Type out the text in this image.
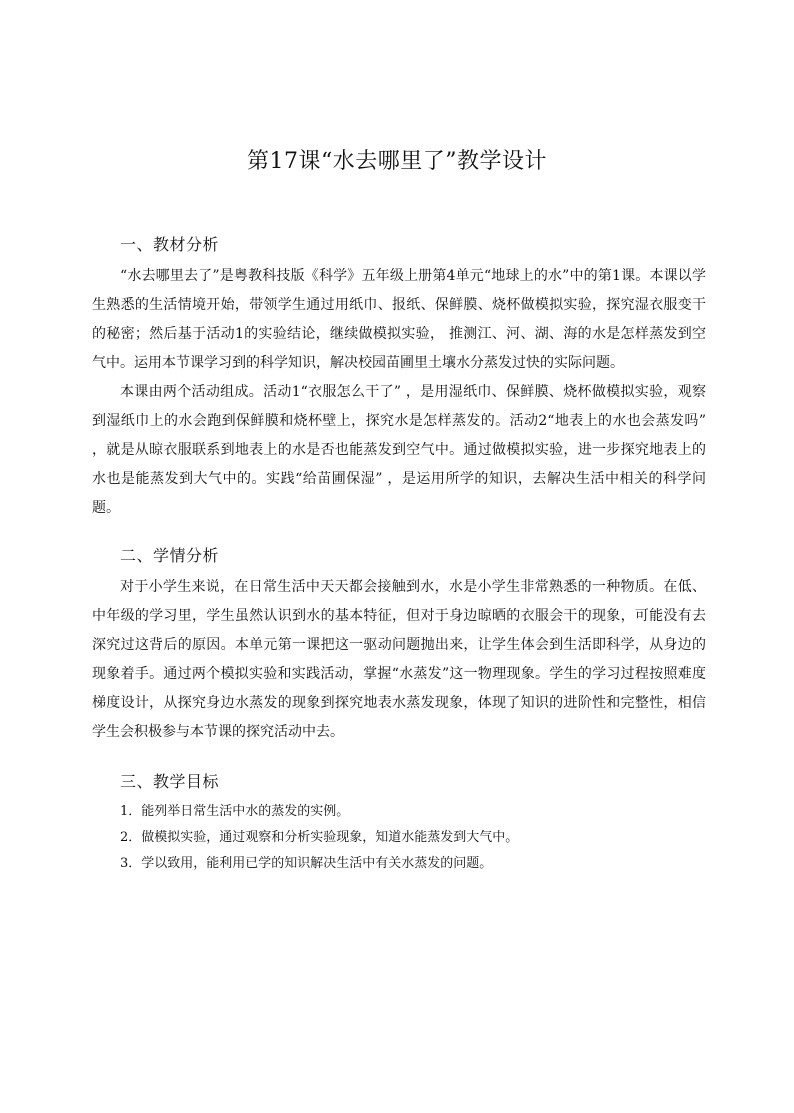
第17课“水去哪里了”教学设计
一、教材分析

“水去哪里去了”是粤教科技版《科学》五年级上册第4单元“地球上的水”中的第1课。本课以学生熟悉的生活情境开始，带领学生通过用纸巾、报纸、保鲜膜、烧杯做模拟实验，探究湿衣服变干的秘密；然后基于活动1的实验结论，继续做模拟实验， 推测江、河、湖、海的水是怎样蒸发到空气中。运用本节课学习到的科学知识，解决校园苗圃里土壤水分蒸发过快的实际问题。

本课由两个活动组成。活动1“衣服怎么干了” ，是用湿纸巾、保鲜膜、烧杯做模拟实验，观察到湿纸巾上的水会跑到保鲜膜和烧杯壁上，探究水是怎样蒸发的。活动2“地表上的水也会蒸发吗” ，就是从晾衣服联系到地表上的水是否也能蒸发到空气中。通过做模拟实验，进一步探究地表上的水也是能蒸发到大气中的。实践“给苗圃保湿” ，是运用所学的知识，去解决生活中相关的科学问题。

二、学情分析

对于小学生来说，在日常生活中天天都会接触到水，水是小学生非常熟悉的一种物质。在低、中年级的学习里，学生虽然认识到水的基本特征，但对于身边晾晒的衣服会干的现象，可能没有去深究过这背后的原因。本单元第一课把这一驱动问题抛出来，让学生体会到生活即科学，从身边的现象着手。通过两个模拟实验和实践活动，掌握“水蒸发”这一物理现象。学生的学习过程按照难度梯度设计，从探究身边水蒸发的现象到探究地表水蒸发现象，体现了知识的进阶性和完整性，相信学生会积极参与本节课的探究活动中去。

三、教学目标

1．能列举日常生活中水的蒸发的实例。

2．做模拟实验，通过观察和分析实验现象，知道水能蒸发到大气中。

3．学以致用，能利用已学的知识解决生活中有关水蒸发的问题。
